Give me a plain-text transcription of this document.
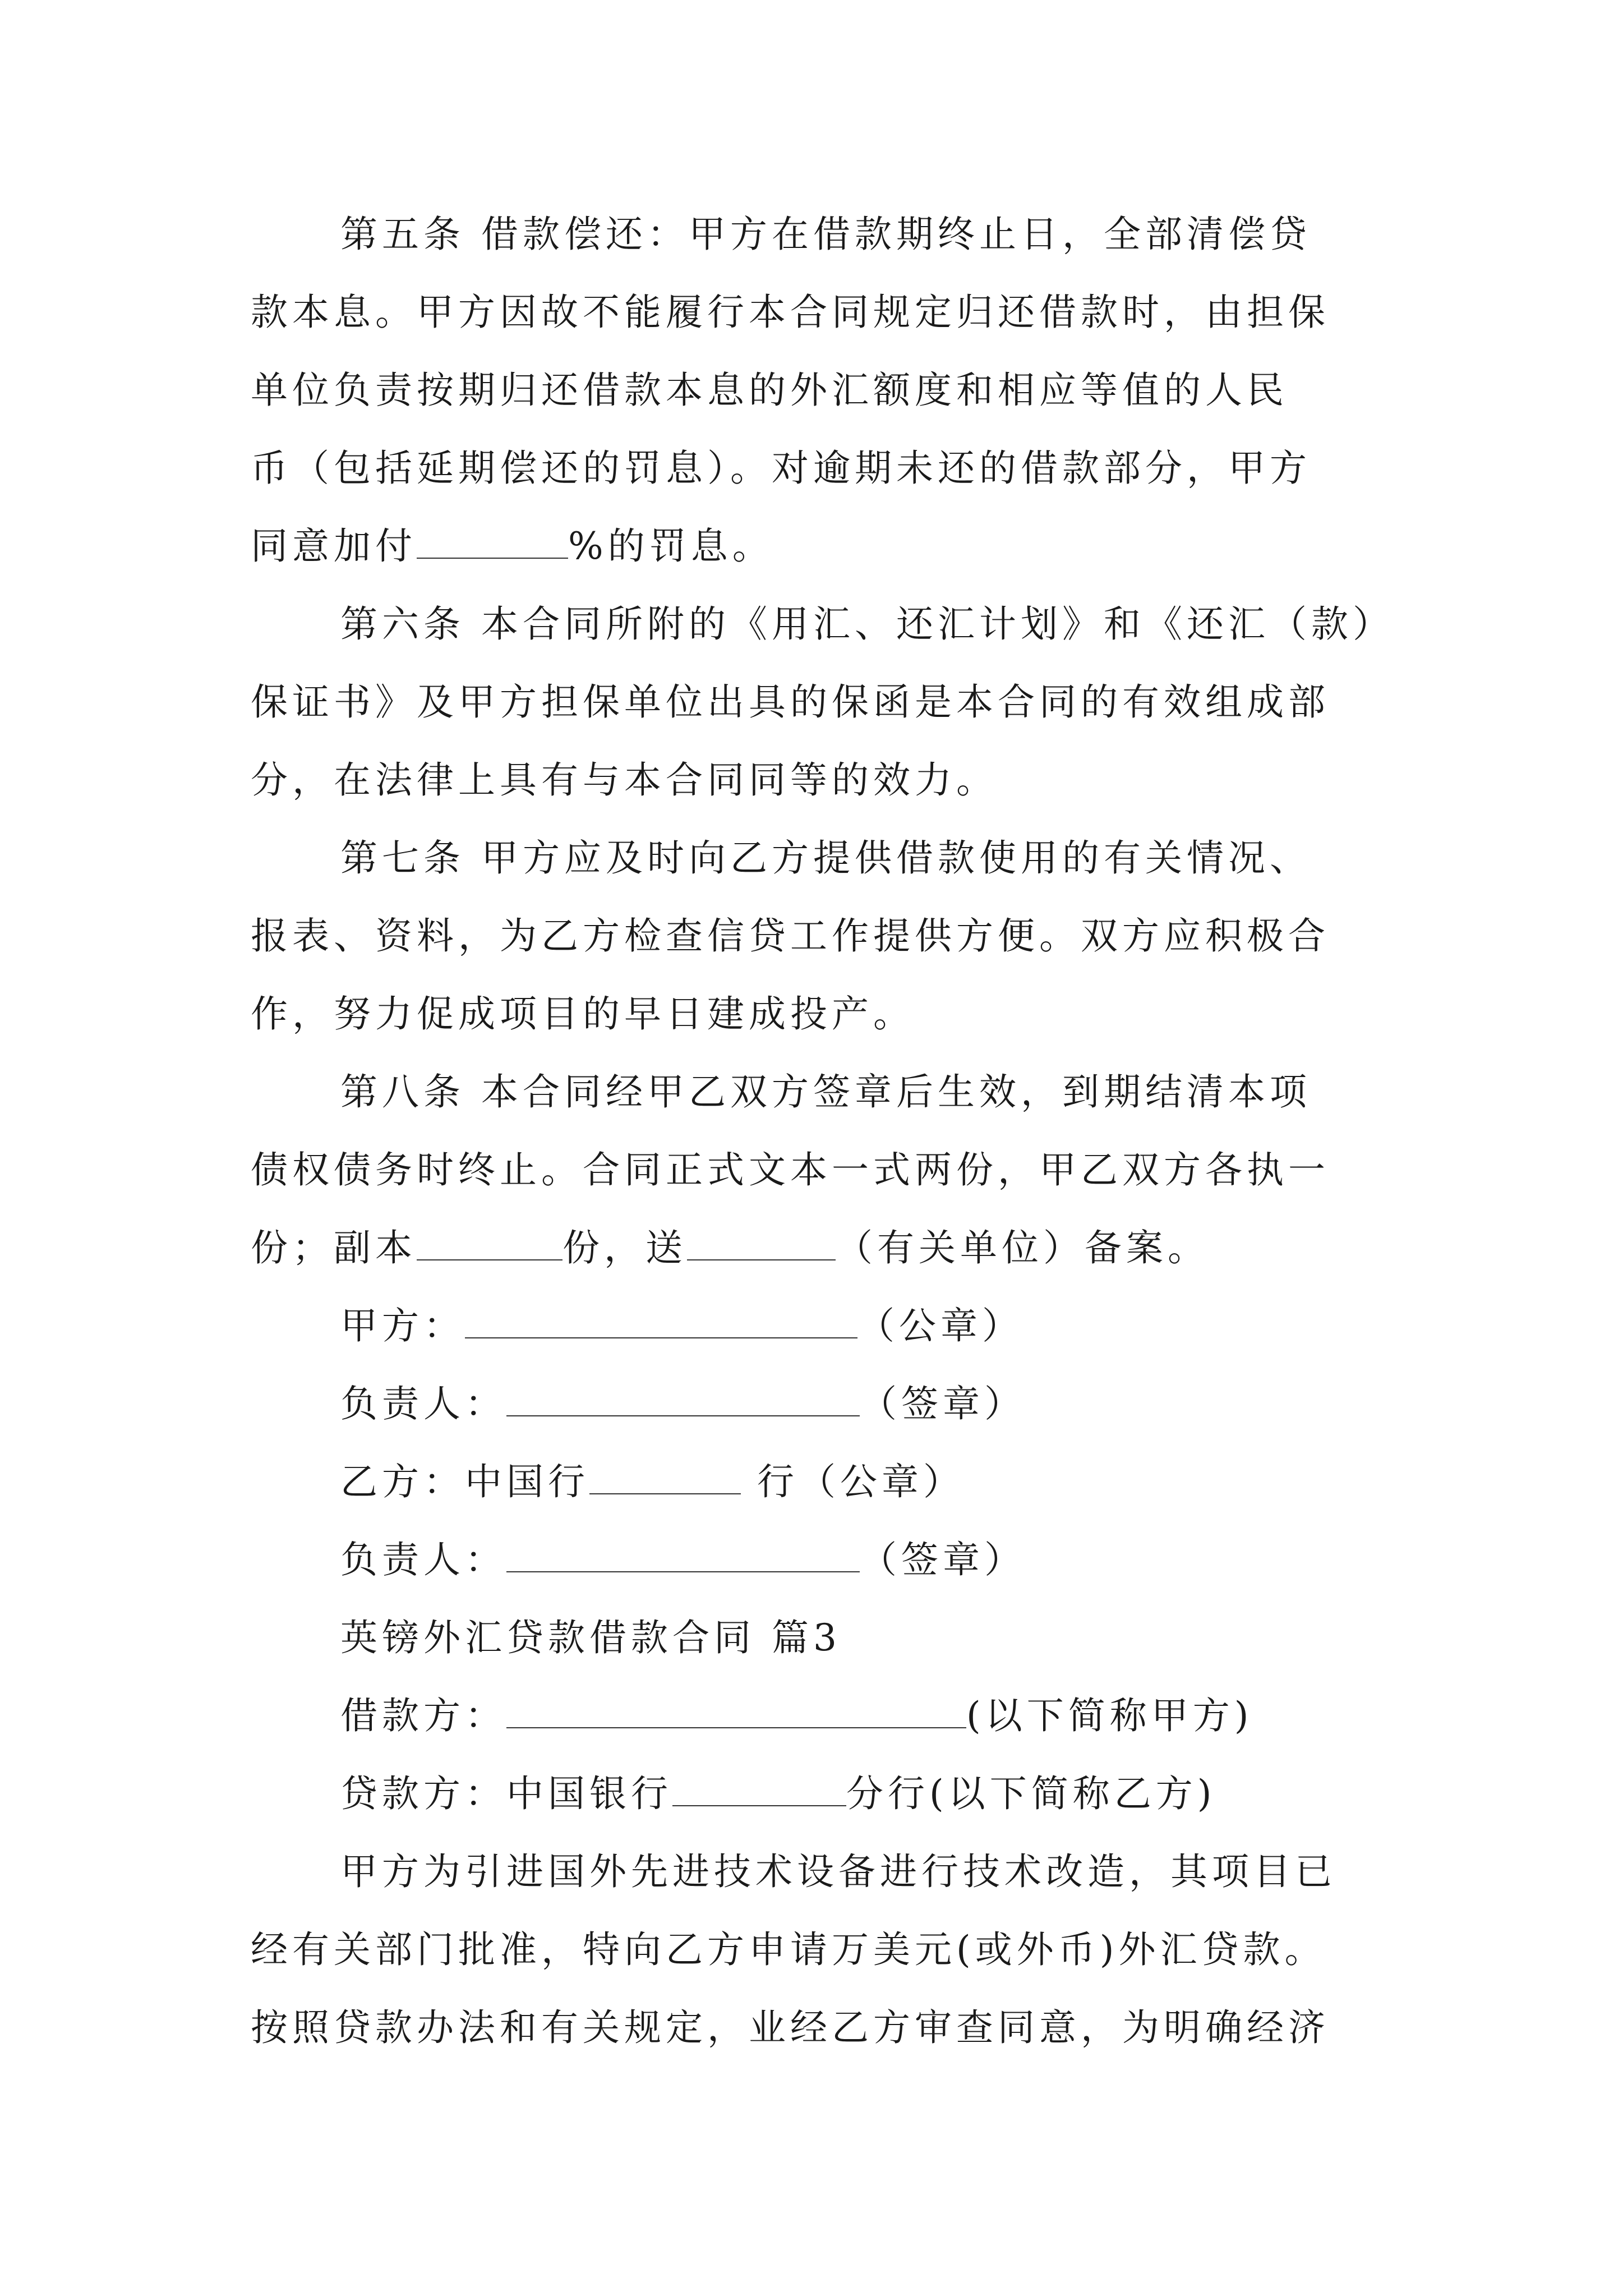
第五条 借款偿还：甲方在借款期终止日，全部清偿贷
款本息。甲方因故不能履行本合同规定归还借款时，由担保
单位负责按期归还借款本息的外汇额度和相应等值的人民
币（包括延期偿还的罚息）。对逾期未还的借款部分，甲方
同意加付	%的罚息。
第六条 本合同所附的《用汇、还汇计划》和《还汇（款）
保证书》及甲方担保单位出具的保函是本合同的有效组成部
分，在法律上具有与本合同同等的效力。
第七条 甲方应及时向乙方提供借款使用的有关情况、
报表、资料，为乙方检查信贷工作提供方便。双方应积极合
作，努力促成项目的早日建成投产。
第八条 本合同经甲乙双方签章后生效，到期结清本项
债权债务时终止。合同正式文本一式两份，甲乙双方各执一
份；副本	份，送	（有关单位）备案。
甲方：	（公章）
负责人：	（签章）
乙方：中国行	行（公章）
负责人：	（签章）
英镑外汇贷款借款合同 篇3
借款方：	(以下简称甲方)
贷款方：中国银行	分行(以下简称乙方)
甲方为引进国外先进技术设备进行技术改造，其项目已
经有关部门批准，特向乙方申请万美元(或外币)外汇贷款。
按照贷款办法和有关规定，业经乙方审查同意，为明确经济
